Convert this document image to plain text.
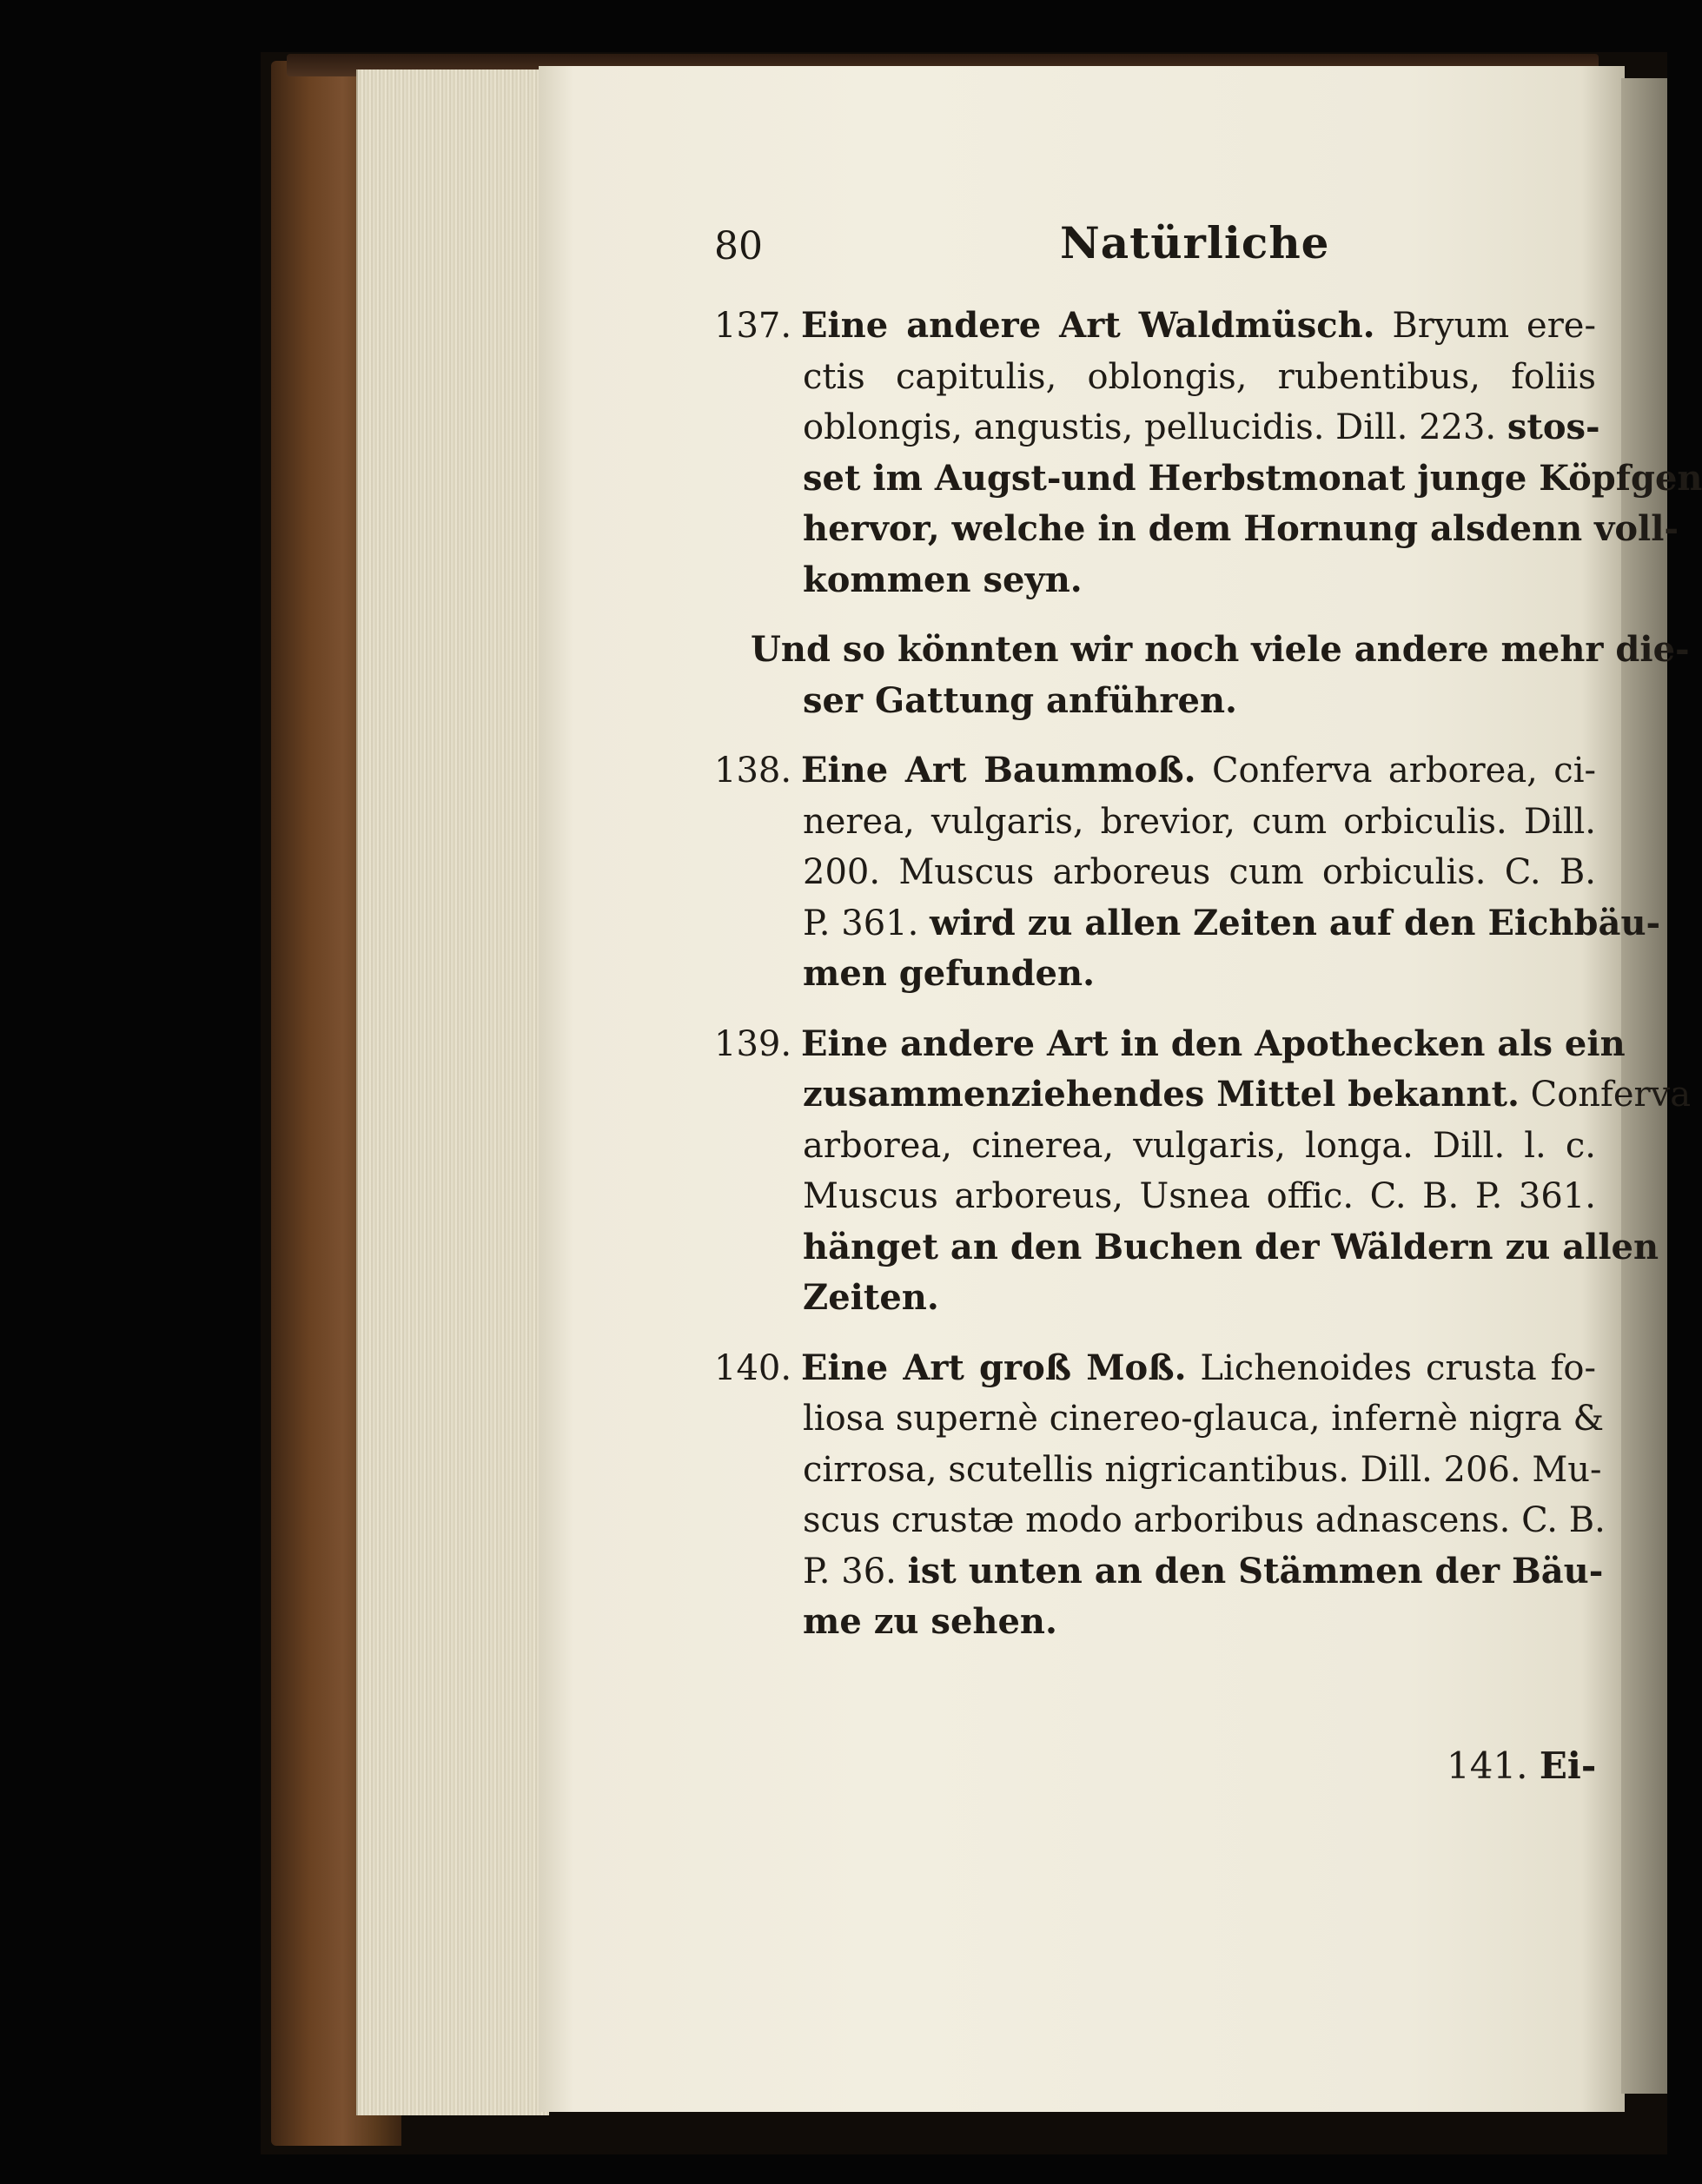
80	Natürliche
137. Eine andere Art Waldmüsch. Bryum ere-
ctis capitulis, oblongis, rubentibus, foliis
oblongis, angustis, pellucidis. Dill. 223. stos-
set im Augst-und Herbstmonat junge Köpfgen
hervor, welche in dem Hornung alsdenn voll-
kommen seyn.
Und so könnten wir noch viele andere mehr die-
ser Gattung anführen.
138. Eine Art Baummoß. Conferva arborea, ci-
nerea, vulgaris, brevior, cum orbiculis. Dill.
200. Muscus arboreus cum orbiculis. C. B.
P. 361. wird zu allen Zeiten auf den Eichbäu-
men gefunden.
139. Eine andere Art in den Apothecken als ein
zusammenziehendes Mittel bekannt. Conferva
arborea, cinerea, vulgaris, longa. Dill. l. c.
Muscus arboreus, Usnea offic. C. B. P. 361.
hänget an den Buchen der Wäldern zu allen
Zeiten.
140. Eine Art groß Moß. Lichenoides crusta fo-
liosa supernè cinereo-glauca, infernè nigra &
cirrosa, scutellis nigricantibus. Dill. 206. Mu-
scus crustæ modo arboribus adnascens. C. B.
P. 36. ist unten an den Stämmen der Bäu-
me zu sehen.
141. Ei-
